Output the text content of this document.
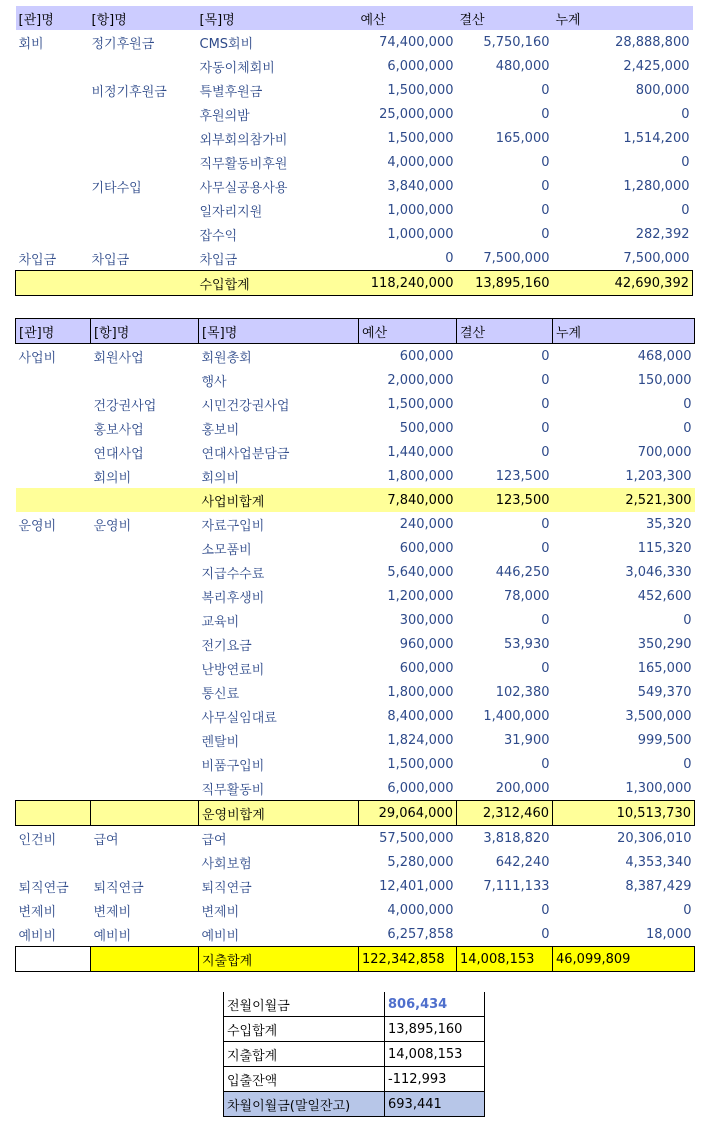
[관]명	[항]명	[목]명	예산	결산	누계
회비	정기후원금	CMS회비	74,400,000	5,750,160	28,888,800
		자동이체회비	6,000,000	480,000	2,425,000
	비정기후원금	특별후원금	1,500,000	0	800,000
		후원의밤	25,000,000	0	0
		외부회의참가비	1,500,000	165,000	1,514,200
		직무활동비후원	4,000,000	0	0
	기타수입	사무실공용사용	3,840,000	0	1,280,000
		일자리지원	1,000,000	0	0
		잡수익	1,000,000	0	282,392
차입금	차입금	차입금	0	7,500,000	7,500,000
		수입합계	118,240,000	13,895,160	42,690,392
[관]명	[항]명	[목]명	예산	결산	누계
사업비	회원사업	회원총회	600,000	0	468,000
		행사	2,000,000	0	150,000
	건강권사업	시민건강권사업	1,500,000	0	0
	홍보사업	홍보비	500,000	0	0
	연대사업	연대사업분담금	1,440,000	0	700,000
	회의비	회의비	1,800,000	123,500	1,203,300
		사업비합계	7,840,000	123,500	2,521,300
운영비	운영비	자료구입비	240,000	0	35,320
		소모품비	600,000	0	115,320
		지급수수료	5,640,000	446,250	3,046,330
		복리후생비	1,200,000	78,000	452,600
		교육비	300,000	0	0
		전기요금	960,000	53,930	350,290
		난방연료비	600,000	0	165,000
		통신료	1,800,000	102,380	549,370
		사무실임대료	8,400,000	1,400,000	3,500,000
		렌탈비	1,824,000	31,900	999,500
		비품구입비	1,500,000	0	0
		직무활동비	6,000,000	200,000	1,300,000
		운영비합계	29,064,000	2,312,460	10,513,730
인건비	급여	급여	57,500,000	3,818,820	20,306,010
		사회보험	5,280,000	642,240	4,353,340
퇴직연금	퇴직연금	퇴직연금	12,401,000	7,111,133	8,387,429
변제비	변제비	변제비	4,000,000	0	0
예비비	예비비	예비비	6,257,858	0	18,000
		지출합계	122,342,858	14,008,153	46,099,809
전월이월금	806,434
수입합계	13,895,160
지출합계	14,008,153
입출잔액	-112,993
차월이월금(말일잔고)	693,441
